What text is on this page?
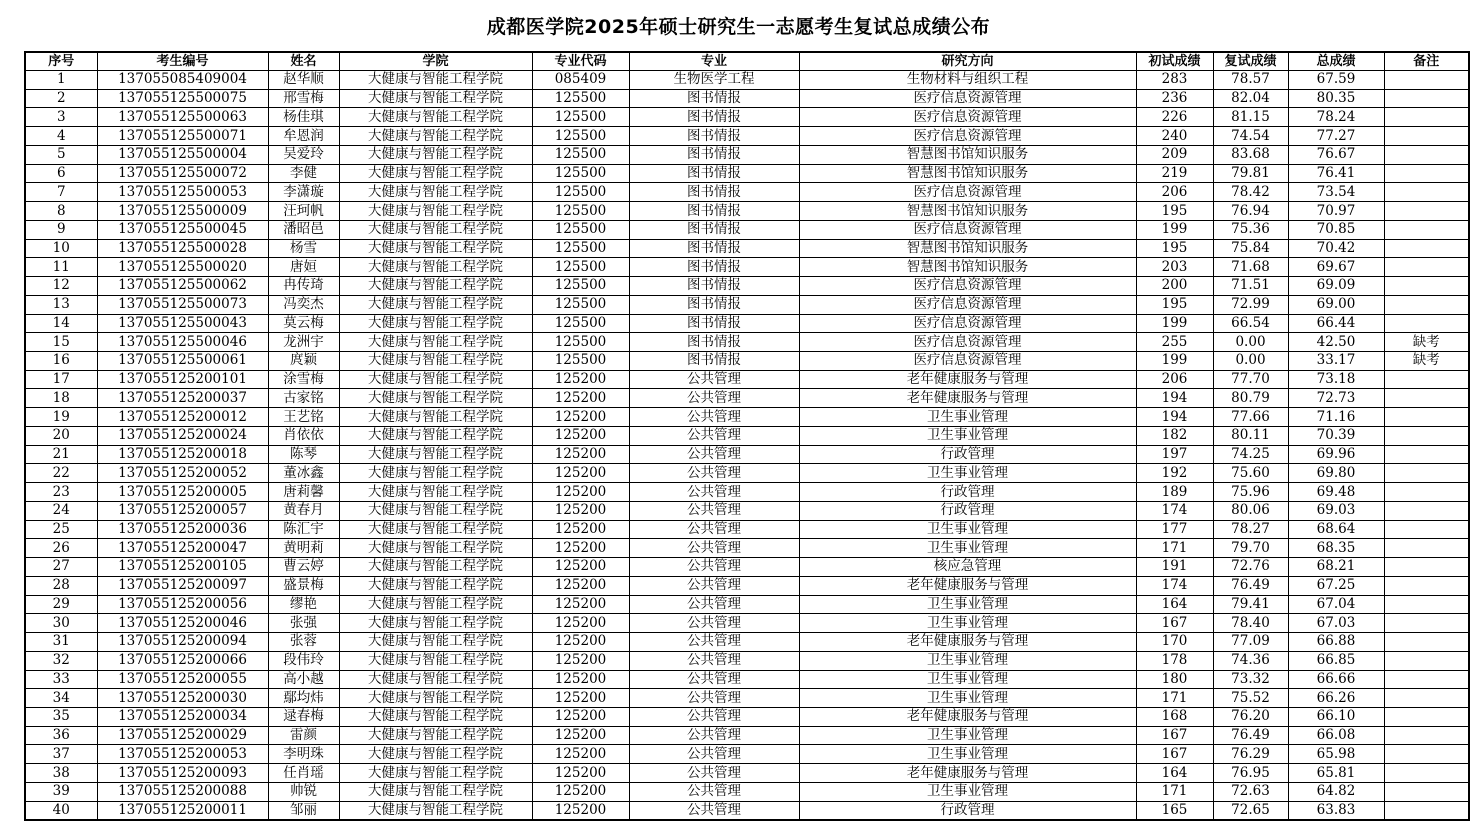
成都医学院2025年硕士研究生一志愿考生复试总成绩公布
序号	考生编号	姓名	学院	专业代码	专业	研究方向	初试成绩	复试成绩	总成绩	备注
1	137055085409004	赵华顺	大健康与智能工程学院	085409	生物医学工程	生物材料与组织工程	283	78.57	67.59	
2	137055125500075	邢雪梅	大健康与智能工程学院	125500	图书情报	医疗信息资源管理	236	82.04	80.35	
3	137055125500063	杨佳琪	大健康与智能工程学院	125500	图书情报	医疗信息资源管理	226	81.15	78.24	
4	137055125500071	牟恩润	大健康与智能工程学院	125500	图书情报	医疗信息资源管理	240	74.54	77.27	
5	137055125500004	吴爱玲	大健康与智能工程学院	125500	图书情报	智慧图书馆知识服务	209	83.68	76.67	
6	137055125500072	李健	大健康与智能工程学院	125500	图书情报	智慧图书馆知识服务	219	79.81	76.41	
7	137055125500053	李潇璇	大健康与智能工程学院	125500	图书情报	医疗信息资源管理	206	78.42	73.54	
8	137055125500009	汪珂帆	大健康与智能工程学院	125500	图书情报	智慧图书馆知识服务	195	76.94	70.97	
9	137055125500045	潘昭邑	大健康与智能工程学院	125500	图书情报	医疗信息资源管理	199	75.36	70.85	
10	137055125500028	杨雪	大健康与智能工程学院	125500	图书情报	智慧图书馆知识服务	195	75.84	70.42	
11	137055125500020	唐姮	大健康与智能工程学院	125500	图书情报	智慧图书馆知识服务	203	71.68	69.67	
12	137055125500062	冉传琦	大健康与智能工程学院	125500	图书情报	医疗信息资源管理	200	71.51	69.09	
13	137055125500073	冯奕杰	大健康与智能工程学院	125500	图书情报	医疗信息资源管理	195	72.99	69.00	
14	137055125500043	莫云梅	大健康与智能工程学院	125500	图书情报	医疗信息资源管理	199	66.54	66.44	
15	137055125500046	龙洲宇	大健康与智能工程学院	125500	图书情报	医疗信息资源管理	255	0.00	42.50	缺考
16	137055125500061	庹颖	大健康与智能工程学院	125500	图书情报	医疗信息资源管理	199	0.00	33.17	缺考
17	137055125200101	涂雪梅	大健康与智能工程学院	125200	公共管理	老年健康服务与管理	206	77.70	73.18	
18	137055125200037	古家铭	大健康与智能工程学院	125200	公共管理	老年健康服务与管理	194	80.79	72.73	
19	137055125200012	王艺铭	大健康与智能工程学院	125200	公共管理	卫生事业管理	194	77.66	71.16	
20	137055125200024	肖依依	大健康与智能工程学院	125200	公共管理	卫生事业管理	182	80.11	70.39	
21	137055125200018	陈琴	大健康与智能工程学院	125200	公共管理	行政管理	197	74.25	69.96	
22	137055125200052	董冰鑫	大健康与智能工程学院	125200	公共管理	卫生事业管理	192	75.60	69.80	
23	137055125200005	唐莉馨	大健康与智能工程学院	125200	公共管理	行政管理	189	75.96	69.48	
24	137055125200057	黄春月	大健康与智能工程学院	125200	公共管理	行政管理	174	80.06	69.03	
25	137055125200036	陈汇宇	大健康与智能工程学院	125200	公共管理	卫生事业管理	177	78.27	68.64	
26	137055125200047	黄明莉	大健康与智能工程学院	125200	公共管理	卫生事业管理	171	79.70	68.35	
27	137055125200105	曹云婷	大健康与智能工程学院	125200	公共管理	核应急管理	191	72.76	68.21	
28	137055125200097	盛景梅	大健康与智能工程学院	125200	公共管理	老年健康服务与管理	174	76.49	67.25	
29	137055125200056	缪艳	大健康与智能工程学院	125200	公共管理	卫生事业管理	164	79.41	67.04	
30	137055125200046	张强	大健康与智能工程学院	125200	公共管理	卫生事业管理	167	78.40	67.03	
31	137055125200094	张蓉	大健康与智能工程学院	125200	公共管理	老年健康服务与管理	170	77.09	66.88	
32	137055125200066	段伟玲	大健康与智能工程学院	125200	公共管理	卫生事业管理	178	74.36	66.85	
33	137055125200055	高小越	大健康与智能工程学院	125200	公共管理	卫生事业管理	180	73.32	66.66	
34	137055125200030	鄢均炜	大健康与智能工程学院	125200	公共管理	卫生事业管理	171	75.52	66.26	
35	137055125200034	逯春梅	大健康与智能工程学院	125200	公共管理	老年健康服务与管理	168	76.20	66.10	
36	137055125200029	雷颜	大健康与智能工程学院	125200	公共管理	卫生事业管理	167	76.49	66.08	
37	137055125200053	李明珠	大健康与智能工程学院	125200	公共管理	卫生事业管理	167	76.29	65.98	
38	137055125200093	任肖瑶	大健康与智能工程学院	125200	公共管理	老年健康服务与管理	164	76.95	65.81	
39	137055125200088	帅锐	大健康与智能工程学院	125200	公共管理	卫生事业管理	171	72.63	64.82	
40	137055125200011	邹丽	大健康与智能工程学院	125200	公共管理	行政管理	165	72.65	63.83	
